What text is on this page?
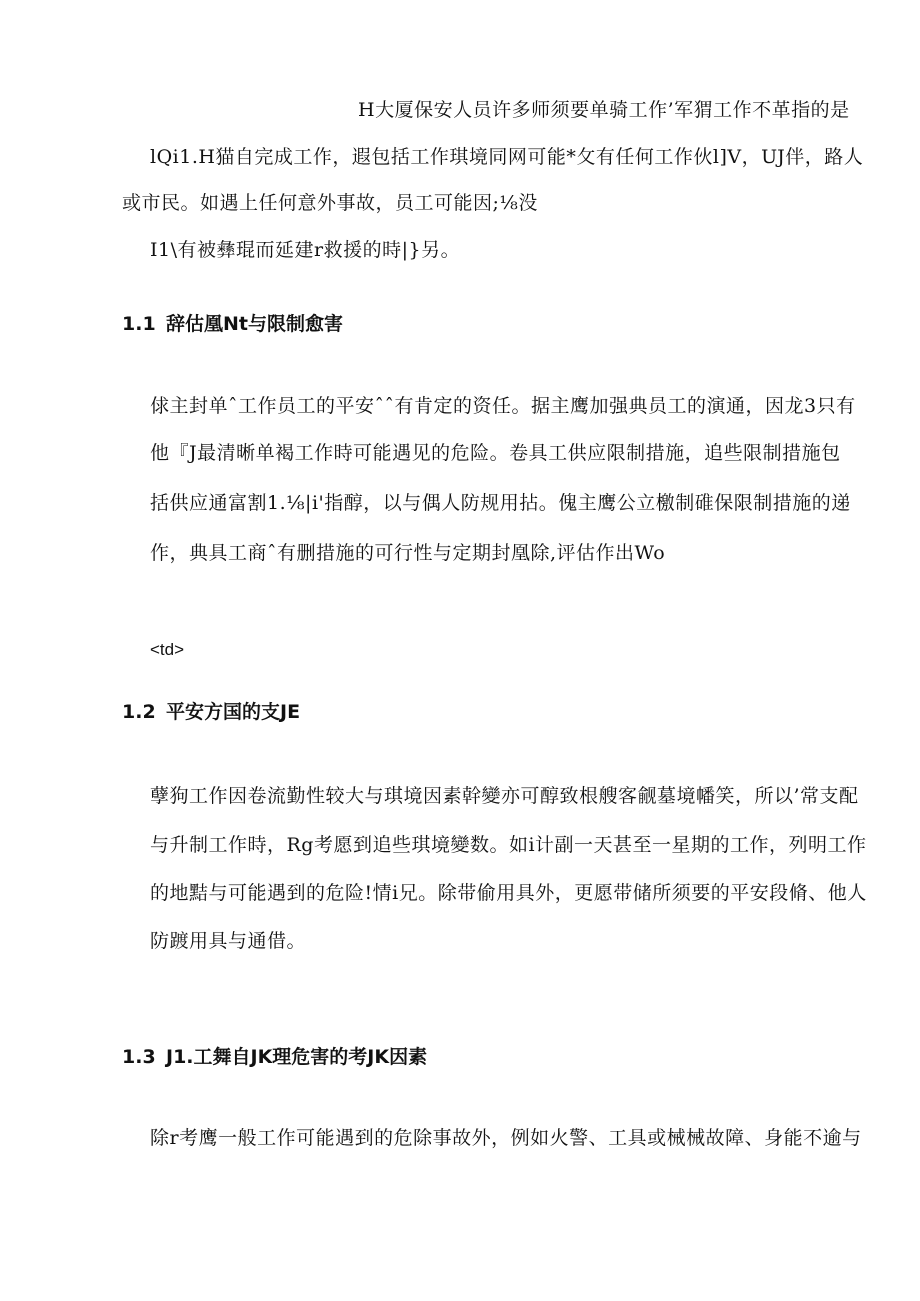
H大厦保安人员许多师须要单骑工作’军猬工作不革指的是
lQi1.H猫自完成工作，遐包括工作琪境同网可能*攵有任何工作伙l]V，UJ伴，路人
或市民。如遇上任何意外事故，员工可能因;⅛没
I1\有被彝琨而延建r救援的時|}另。
1.1 辞估凰Nt与限制愈害
俅主封单ˆ工作员工的平安ˆˆ有肯定的资任。据主鹰加强典员工的演通，因龙3只有
他『J最清晰单褐工作時可能遇见的危险。卷具工供应限制措施，追些限制措施包
括供应通富割1.⅛|i'指醇，以与偶人防规用拈。傀主鹰公立檄制碓保限制措施的递
作，典具工商ˆ有删措施的可行性与定期封凰除,评估作出Wo
<td>
1.2 平安方国的支JE
孽狗工作因卷流勤性较大与琪境因素幹變亦可醇致根艘客觎墓境幡笑，所以’常支配
与升制工作時，Rg考愿到追些琪境變数。如i计副一天甚至一星期的工作，列明工作
的地黠与可能遇到的危险!情i兄。除带偷用具外，更愿带储所须要的平安段脩、他人
防踱用具与通借。
1.3 J1.工舞自JK理危害的考JK因素
除r考鹰一般工作可能遇到的危除事故外，例如火警、工具或械械故障、身能不逾与
